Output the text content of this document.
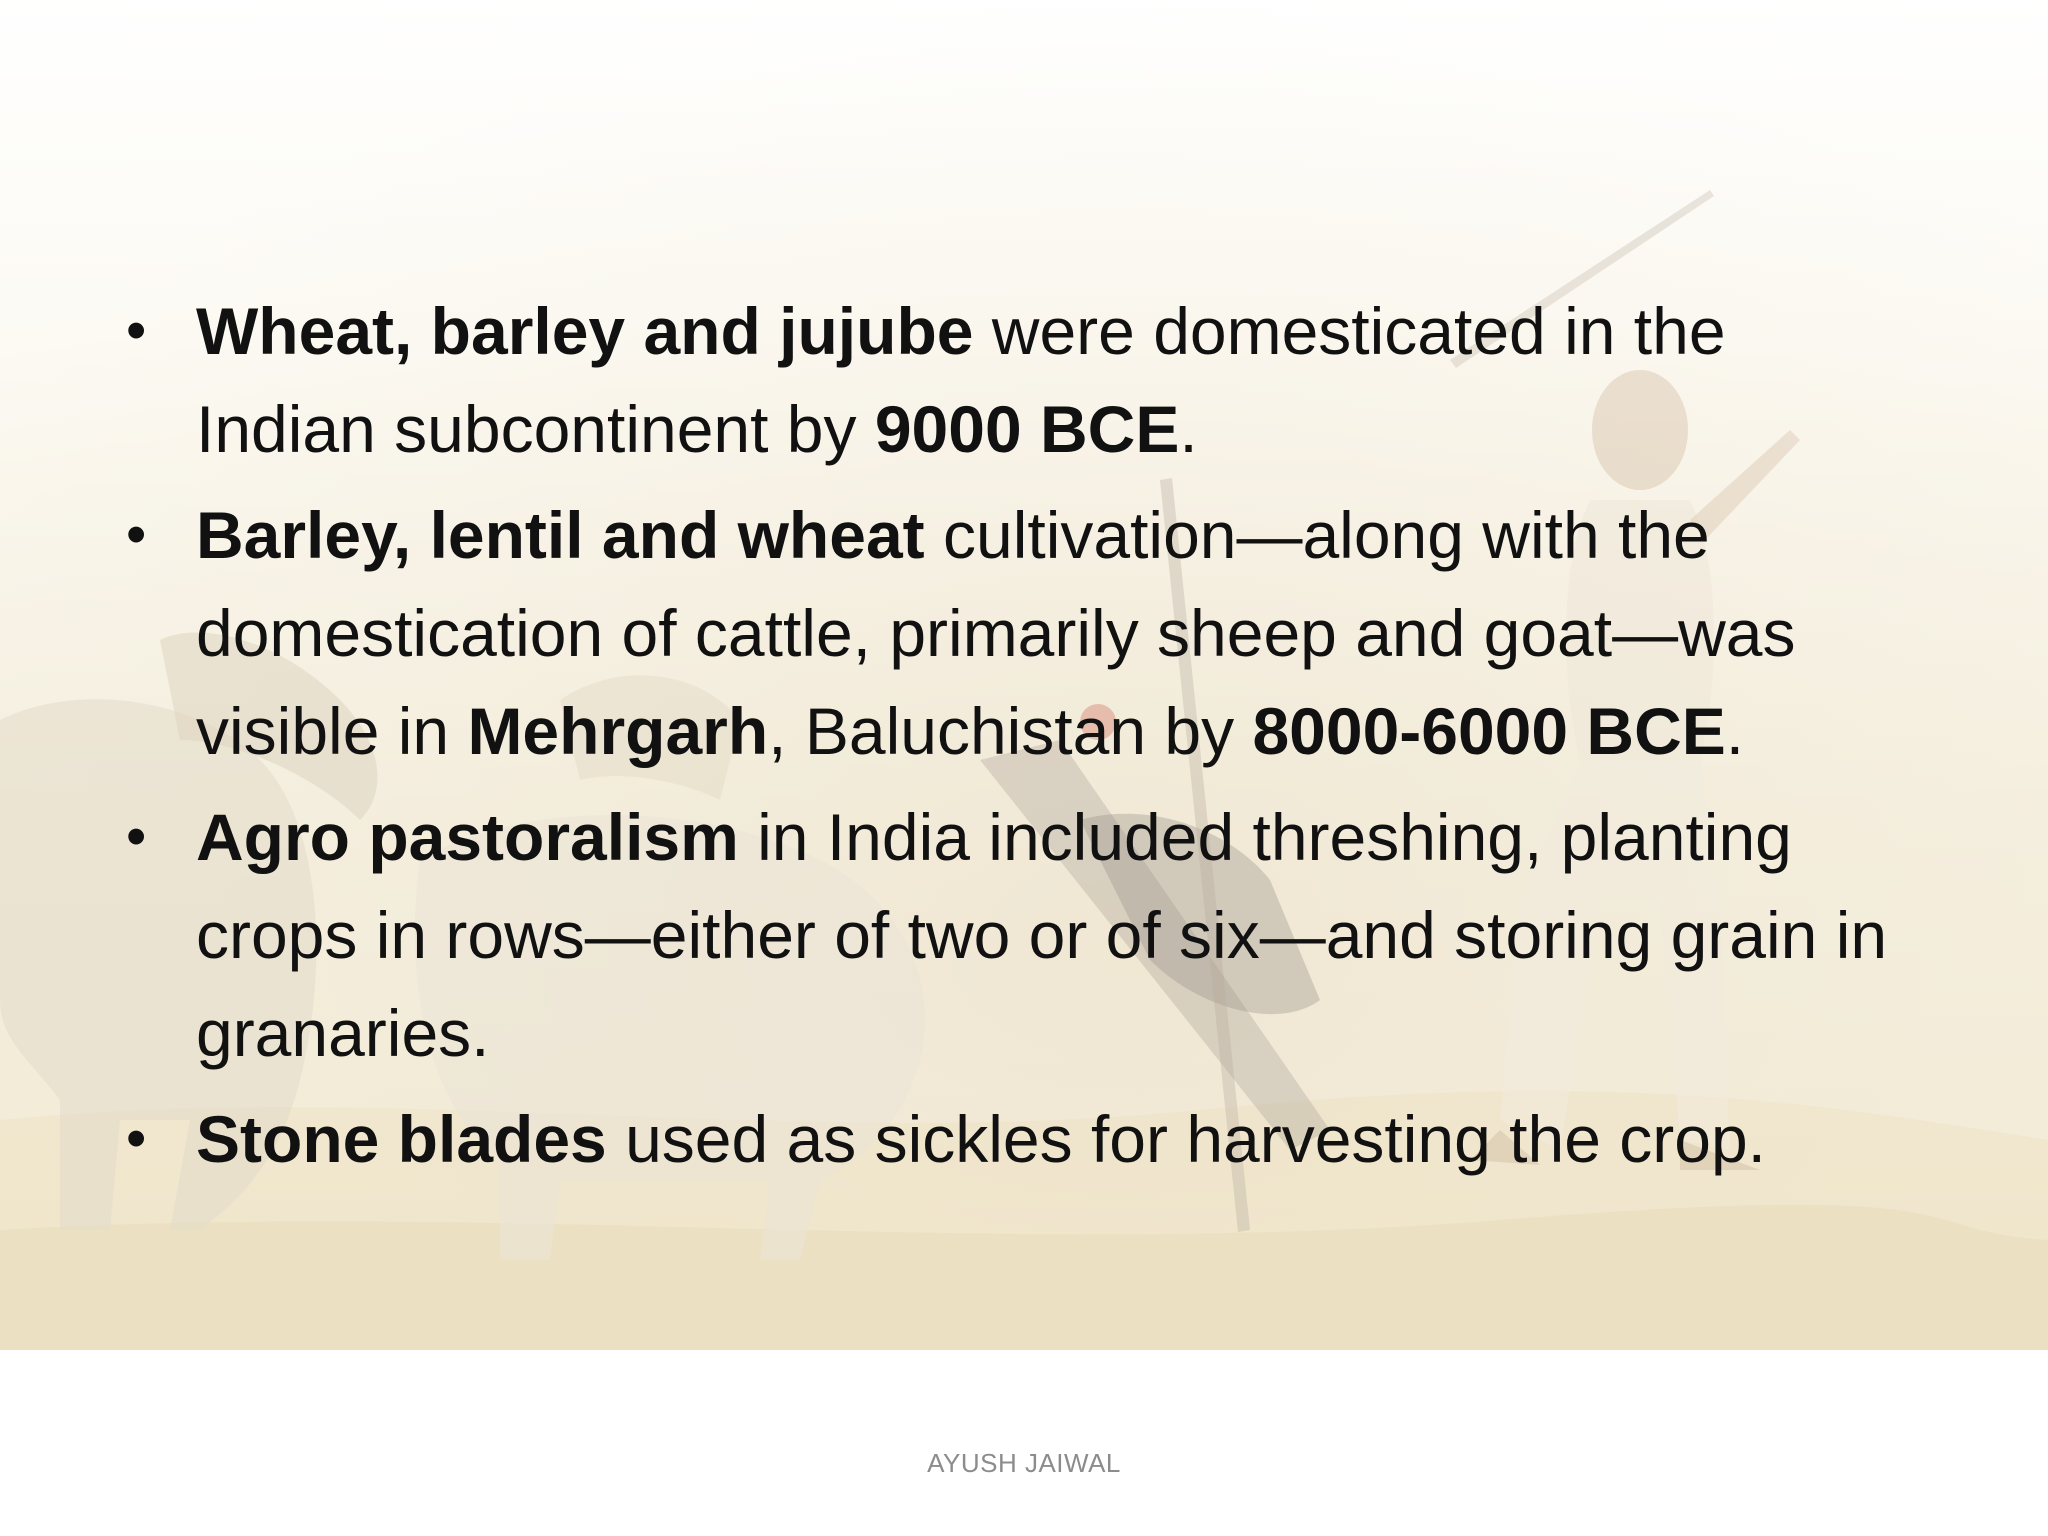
• Wheat, barley and jujube were domesticated in the Indian subcontinent by 9000 BCE.
• Barley, lentil and wheat cultivation—along with the domestication of cattle, primarily sheep and goat—was visible in Mehrgarh, Baluchistan by 8000-6000 BCE.
• Agro pastoralism in India included threshing, planting crops in rows—either of two or of six—and storing grain in granaries.
• Stone blades used as sickles for harvesting the crop.
AYUSH JAIWAL
